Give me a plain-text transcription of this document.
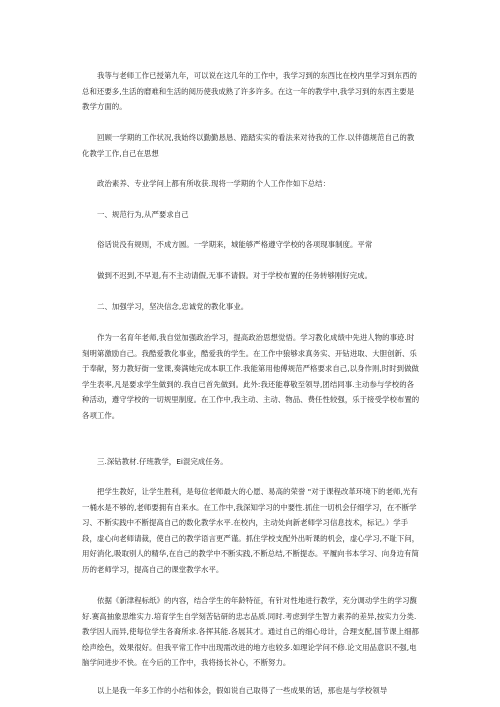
我等与老师工作已授第九年，可以说在这几年的工作中，我学习到的东西比在校内里学习到东西的总和还要多,生活的磨难和生活的阅历使我成熟了许多许多。在这一年的教学中,我学习到的东西主要是教学方面的。

回顾一学期的工作状况,我始终以勤勤恳恳、踏踏实实的看法来对待我的工作.以伴德规范自己的教化教学工作,自己在思想

政治素养、专业学问上都有所收获.现将一学期的个人工作作如下总结：

一、规范行为,从严要求自己

俗话说没有规则，不成方圆。一学期来，城能够严格遵守学校的各项现事制度。平常

做到不迟到,不早退,有不主动请假,无事不请假。对于学校布置的任务转够刚好完成。

二、加强学习，坚决信念,忠诚党的教化事业。

作为一名育年老师,我自觉加强政治学习，提高政治思想觉悟。学习教化成绩中先进人物的事迹.时刻明第激励自己。我酷爱教化事业，酷爱我的学生。在工作中狼够求真务实、开钻进取、大胆创新、乐于奉献，努力教好街一堂课,奏满她完成本职工作.我能第用他傅规范严格要求自己,以身作则,时时到做做学生表率,凡是要求学生做到的.我自已首先做到。此外:我还能尊敬至领导,团结同事.主动参与学校的各种活动，遵守学校的一切规里制度。在工作中,我主动、主动、物品、费任性较强，乐于接受学校布置的各项工作。

三.深钻教材.仔班教学，Ei混完成任务。

把学生教好，让学生胜利，是每位老师最大的心愿、易高的荣誉 "对于课程改革环境下的老师,光有一桶水是不够的,老师要拥有自来水。在工作中,我深知学习的中要性.抓住一切机会仔细学习，在不断学习、不断实践中不断提高自己的数化教学水平.在校内，主动处向新老师学习信息技术，标记。）学手段，虚心向老师请裁，使自己的教学语言更严谨。抓住学校支配外出听课的机会，虚心学习,不耻下问，用好消化,吸取别人的精华,在自己的教学中不断实践,不断总结,不断提态。平履向书本学习、向身边有简历的老师学习，提高自己的课堂教学水平。

依据《新津程标纸》的内容，结合学生的年龄特征，有针对性地进行教学，充分调动学生的学习馥好.赛高抽象思维实力.培育学生自学刻苦钻研的忠志品质.同时.考虑到学生智力素养的差异,按实力分类.教学因人而异,使每位学生各裔所求.各挥其能.各展其才。通过自己的细心母计，合理支配,国节课上细都绘声绘色，效果很好。但我平常工作中出现需改进的地方也较多.如理论学问不修.论文用品意识不强,电脑学问进步不快。在今后的工作中，我将扬长补心，不断努力。

以上是我一年多工作的小结和体会，假如说自己取得了一些成果的话，那也是与学校领导
